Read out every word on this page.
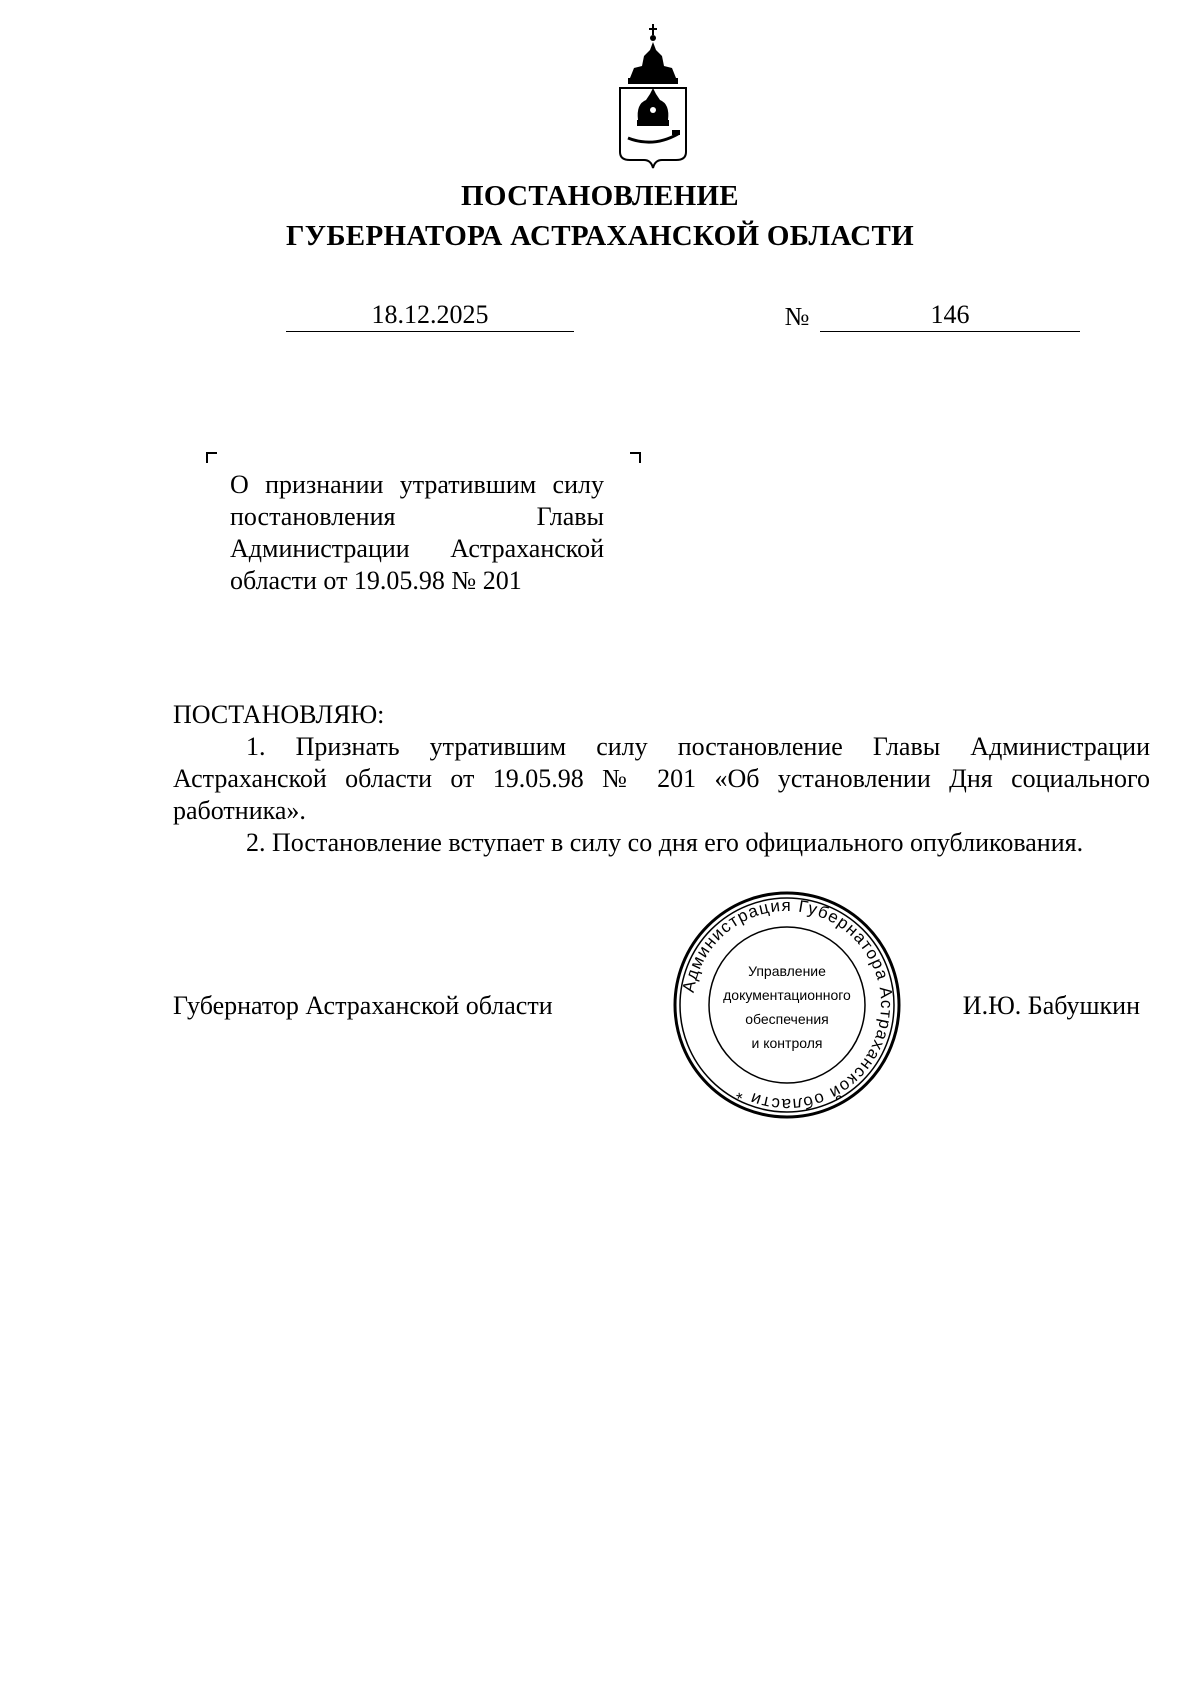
ПОСТАНОВЛЕНИЕ
ГУБЕРНАТОРА АСТРАХАНСКОЙ ОБЛАСТИ
18.12.2025	№	146
О признании утратившим силу постановления Главы Администрации Астраханской области от 19.05.98 № 201
ПОСТАНОВЛЯЮ:
1. Признать утратившим силу постановление Главы Администрации Астраханской области от 19.05.98 № 201 «Об установлении Дня социального работника».
2. Постановление вступает в силу со дня его официального опубликования.
Губернатор Астраханской области	И.Ю. Бабушкин
Администрация Губернатора Астраханской области *
Управление
документационного
обеспечения
и контроля
